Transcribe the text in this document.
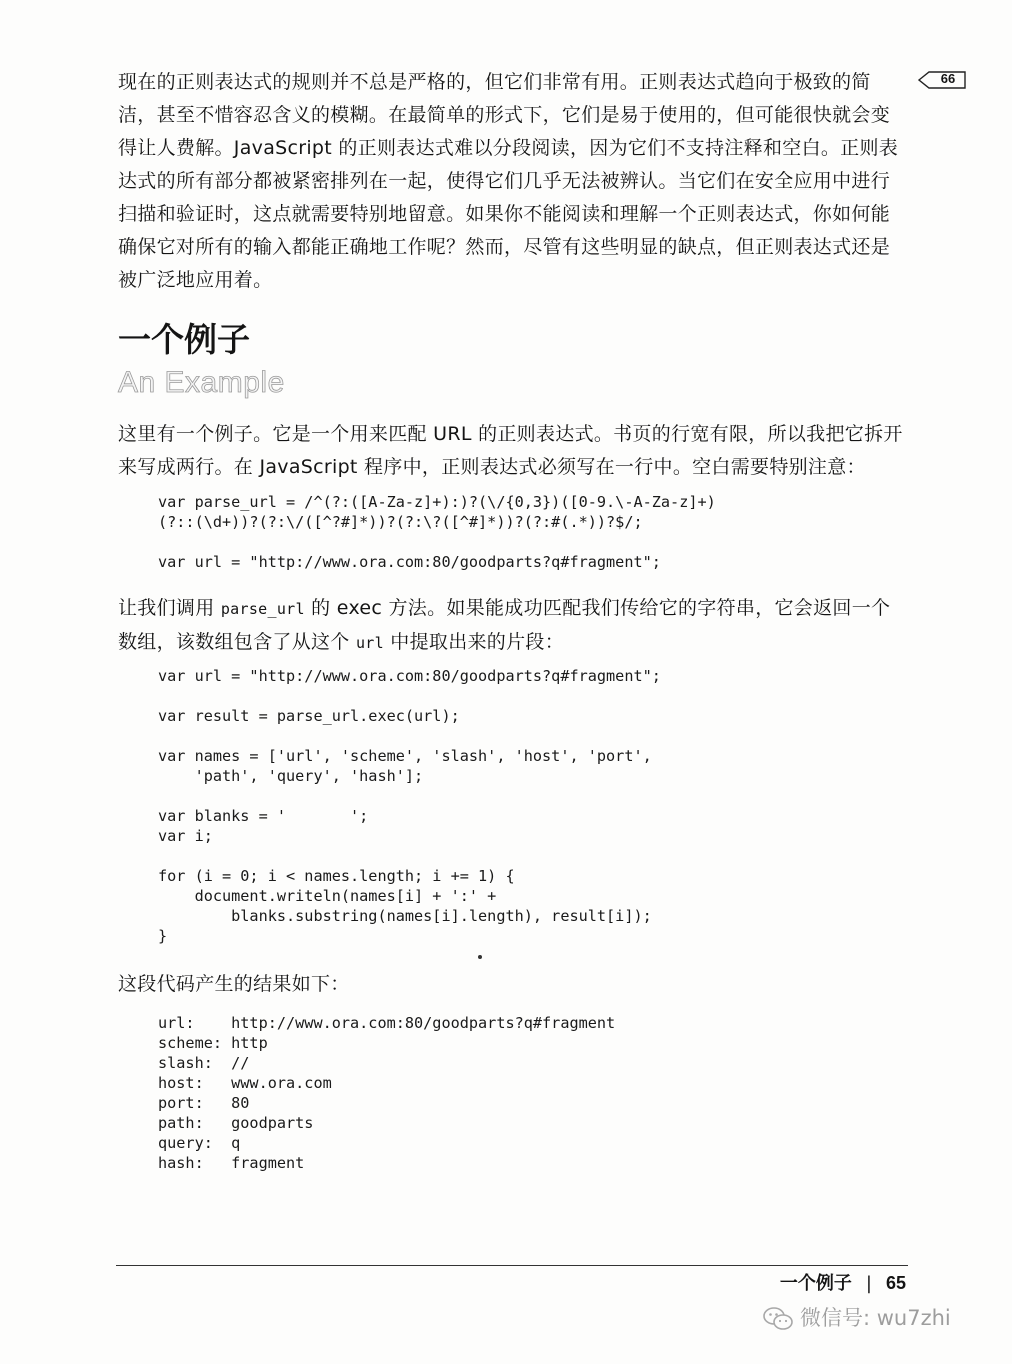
66

现在的正则表达式的规则并不总是严格的，但它们非常有用。正则表达式趋向于极致的简洁，甚至不惜容忍含义的模糊。在最简单的形式下，它们是易于使用的，但可能很快就会变得让人费解。JavaScript 的正则表达式难以分段阅读，因为它们不支持注释和空白。正则表达式的所有部分都被紧密排列在一起，使得它们几乎无法被辨认。当它们在安全应用中进行扫描和验证时，这点就需要特别地留意。如果你不能阅读和理解一个正则表达式，你如何能确保它对所有的输入都能正确地工作呢？然而，尽管有这些明显的缺点，但正则表达式还是被广泛地应用着。

一个例子
An Example

这里有一个例子。它是一个用来匹配 URL 的正则表达式。书页的行宽有限，所以我把它拆开来写成两行。在 JavaScript 程序中，正则表达式必须写在一行中。空白需要特别注意：

var parse_url = /^(?:([A-Za-z]+):)?(\/{0,3})([0-9.\-A-Za-z]+)
(?::(\d+))?(?:\/([^?#]*))?(?:\?([^#]*))?(?:#(.*))?$/;

var url = "http://www.ora.com:80/goodparts?q#fragment";

让我们调用 parse_url 的 exec 方法。如果能成功匹配我们传给它的字符串，它会返回一个数组，该数组包含了从这个 url 中提取出来的片段：

var url = "http://www.ora.com:80/goodparts?q#fragment";

var result = parse_url.exec(url);

var names = ['url', 'scheme', 'slash', 'host', 'port',
'path', 'query', 'hash'];

var blanks = '       ';
var i;

for (i = 0; i < names.length; i += 1) {
document.writeln(names[i] + ':' +
blanks.substring(names[i].length), result[i]);
}

这段代码产生的结果如下：

url:    http://www.ora.com:80/goodparts?q#fragment
scheme: http
slash:  //
host:   www.ora.com
port:   80
path:   goodparts
query:  q
hash:   fragment
一个例子 | 65
微信号: wu7zhi
